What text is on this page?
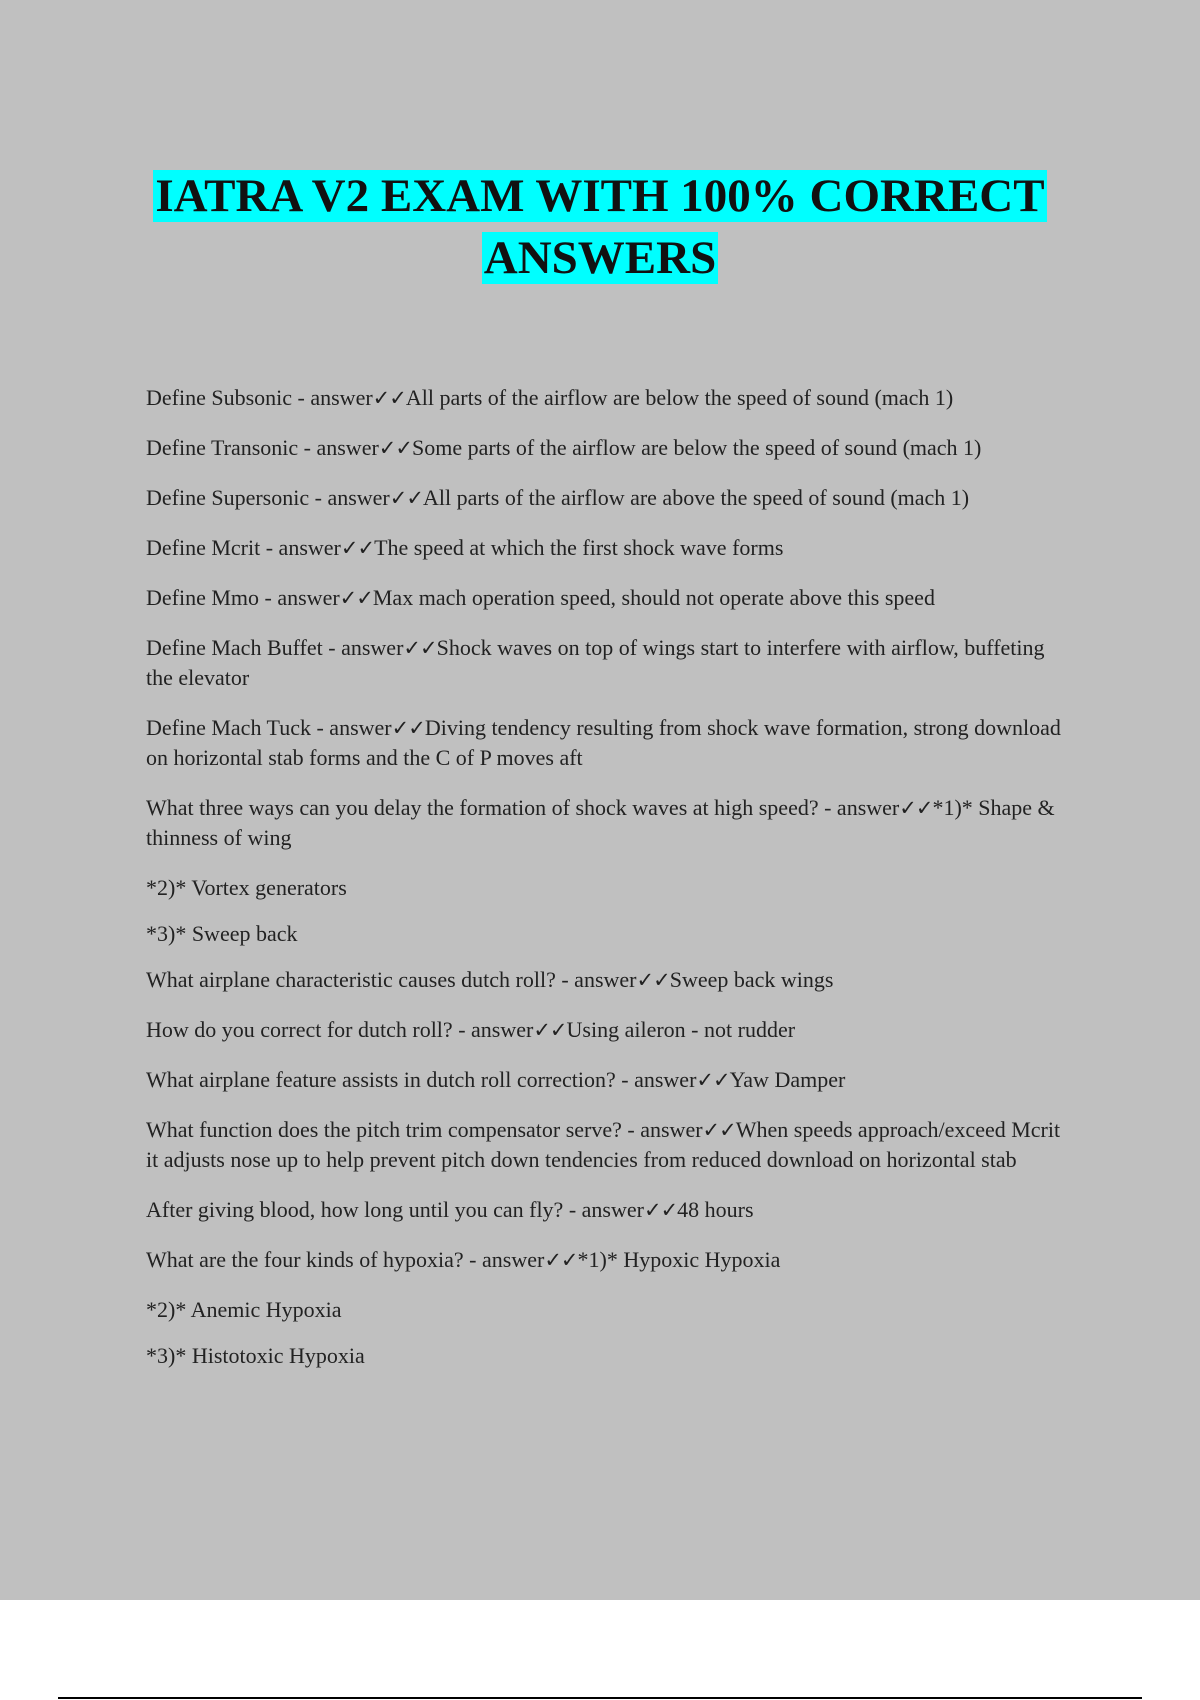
IATRA V2 EXAM WITH 100% CORRECT
ANSWERS

Define Subsonic - answer✓✓All parts of the airflow are below the speed of sound (mach 1)

Define Transonic - answer✓✓Some parts of the airflow are below the speed of sound (mach 1)

Define Supersonic - answer✓✓All parts of the airflow are above the speed of sound (mach 1)

Define Mcrit - answer✓✓The speed at which the first shock wave forms

Define Mmo - answer✓✓Max mach operation speed, should not operate above this speed

Define Mach Buffet - answer✓✓Shock waves on top of wings start to interfere with airflow, buffeting the elevator

Define Mach Tuck - answer✓✓Diving tendency resulting from shock wave formation, strong download on horizontal stab forms and the C of P moves aft

What three ways can you delay the formation of shock waves at high speed? - answer✓✓*1)* Shape & thinness of wing

*2)* Vortex generators

*3)* Sweep back

What airplane characteristic causes dutch roll? - answer✓✓Sweep back wings

How do you correct for dutch roll? - answer✓✓Using aileron - not rudder

What airplane feature assists in dutch roll correction? - answer✓✓Yaw Damper

What function does the pitch trim compensator serve? - answer✓✓When speeds approach/exceed Mcrit it adjusts nose up to help prevent pitch down tendencies from reduced download on horizontal stab

After giving blood, how long until you can fly? - answer✓✓48 hours

What are the four kinds of hypoxia? - answer✓✓*1)* Hypoxic Hypoxia

*2)* Anemic Hypoxia

*3)* Histotoxic Hypoxia
